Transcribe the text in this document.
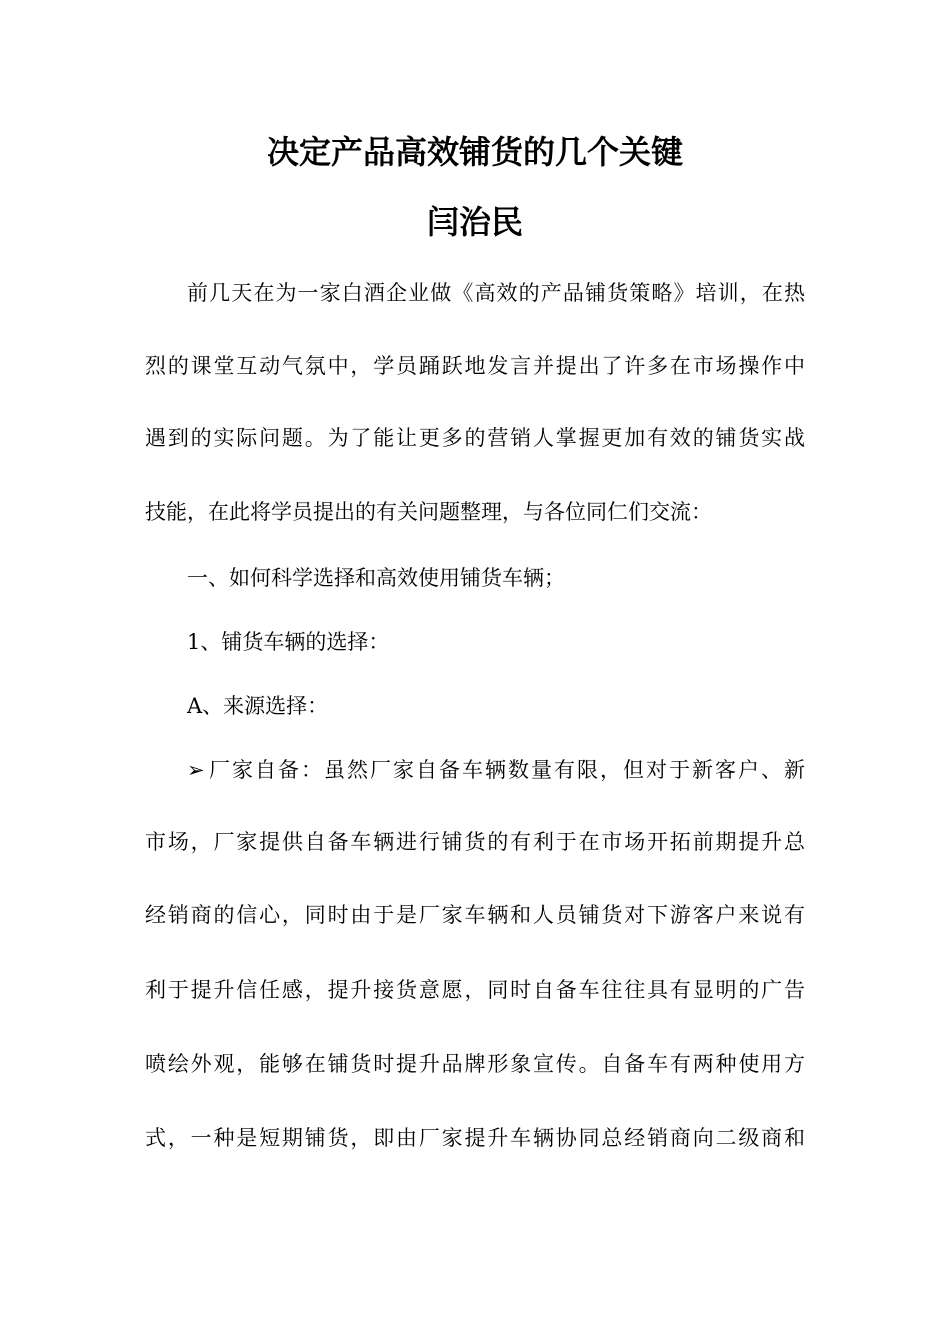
决定产品高效铺货的几个关键
闫治民
前几天在为一家白酒企业做《高效的产品铺货策略》培训，在热
烈的课堂互动气氛中，学员踊跃地发言并提出了许多在市场操作中
遇到的实际问题。为了能让更多的营销人掌握更加有效的铺货实战
技能，在此将学员提出的有关问题整理，与各位同仁们交流：
一、如何科学选择和高效使用铺货车辆；
1、铺货车辆的选择：
A、来源选择：
➢ 厂家自备：虽然厂家自备车辆数量有限，但对于新客户、新
市场，厂家提供自备车辆进行铺货的有利于在市场开拓前期提升总
经销商的信心，同时由于是厂家车辆和人员铺货对下游客户来说有
利于提升信任感，提升接货意愿，同时自备车往往具有显明的广告
喷绘外观，能够在铺货时提升品牌形象宣传。自备车有两种使用方
式，一种是短期铺货，即由厂家提升车辆协同总经销商向二级商和
